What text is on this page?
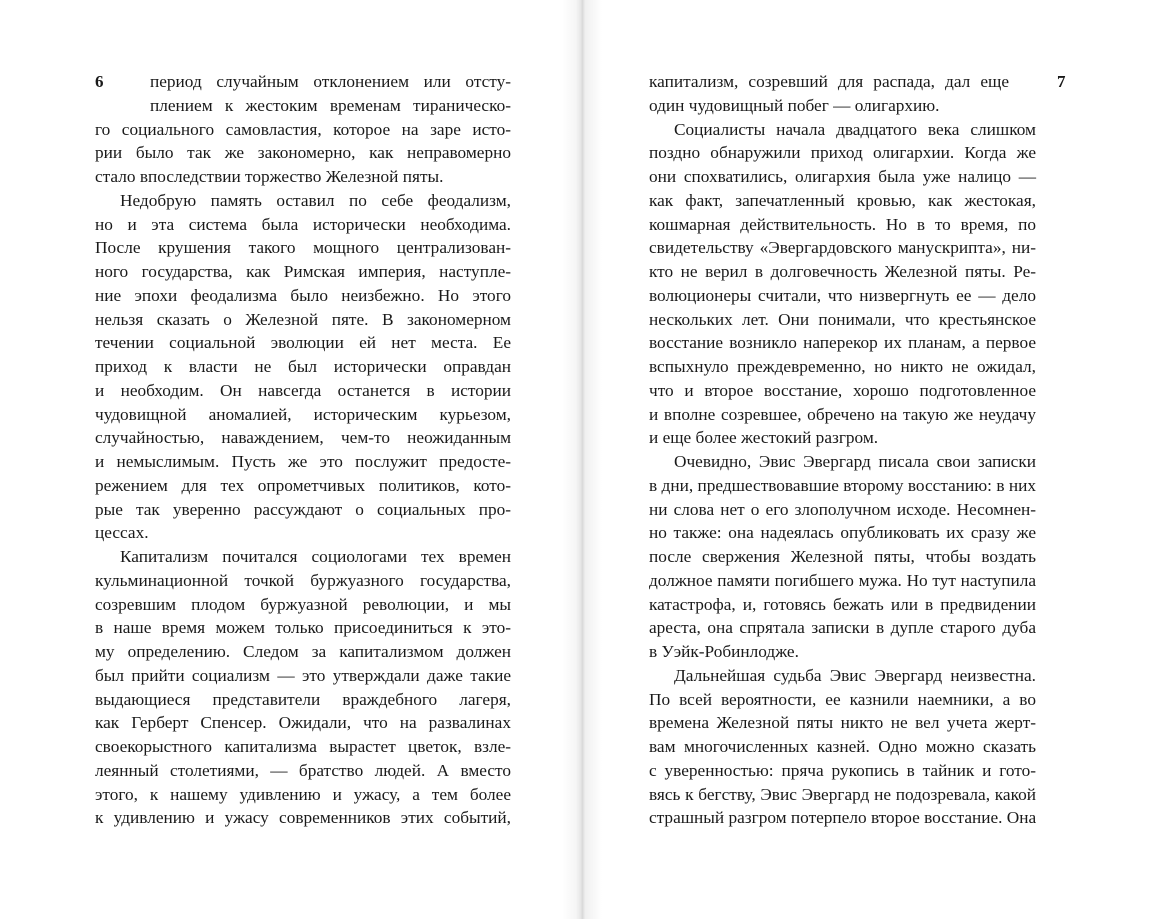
6	период случайным отклонением или отсту-
плением к жестоким временам тираническо-
го социального самовластия, которое на заре исто-
рии было так же закономерно, как неправомерно
стало впоследствии торжество Железной пяты.
Недобрую память оставил по себе феодализм,
но и эта система была исторически необходима.
После крушения такого мощного централизован-
ного государства, как Римская империя, наступле-
ние эпохи феодализма было неизбежно. Но этого
нельзя сказать о Железной пяте. В закономерном
течении социальной эволюции ей нет места. Ее
приход к власти не был исторически оправдан
и необходим. Он навсегда останется в истории
чудовищной аномалией, историческим курьезом,
случайностью, наваждением, чем-то неожиданным
и немыслимым. Пусть же это послужит предосте-
режением для тех опрометчивых политиков, кото-
рые так уверенно рассуждают о социальных про-
цессах.
Капитализм почитался социологами тех времен
кульминационной точкой буржуазного государства,
созревшим плодом буржуазной революции, и мы
в наше время можем только присоединиться к это-
му определению. Следом за капитализмом должен
был прийти социализм — это утверждали даже такие
выдающиеся представители враждебного лагеря,
как Герберт Спенсер. Ожидали, что на развалинах
своекорыстного капитализма вырастет цветок, взле-
леянный столетиями, — братство людей. А вместо
этого, к нашему удивлению и ужасу, а тем более
к удивлению и ужасу современников этих событий,
7
капитализм, созревший для распада, дал еще
один чудовищный побег — олигархию.
Социалисты начала двадцатого века слишком
поздно обнаружили приход олигархии. Когда же
они спохватились, олигархия была уже налицо —
как факт, запечатленный кровью, как жестокая,
кошмарная действительность. Но в то время, по
свидетельству «Эвергардовского манускрипта», ни-
кто не верил в долговечность Железной пяты. Ре-
волюционеры считали, что низвергнуть ее — дело
нескольких лет. Они понимали, что крестьянское
восстание возникло наперекор их планам, а первое
вспыхнуло преждевременно, но никто не ожидал,
что и второе восстание, хорошо подготовленное
и вполне созревшее, обречено на такую же неудачу
и еще более жестокий разгром.
Очевидно, Эвис Эвергард писала свои записки
в дни, предшествовавшие второму восстанию: в них
ни слова нет о его злополучном исходе. Несомнен-
но также: она надеялась опубликовать их сразу же
после свержения Железной пяты, чтобы воздать
должное памяти погибшего мужа. Но тут наступила
катастрофа, и, готовясь бежать или в предвидении
ареста, она спрятала записки в дупле старого дуба
в Уэйк-Робинлодже.
Дальнейшая судьба Эвис Эвергард неизвестна.
По всей вероятности, ее казнили наемники, а во
времена Железной пяты никто не вел учета жерт-
вам многочисленных казней. Одно можно сказать
с уверенностью: пряча рукопись в тайник и гото-
вясь к бегству, Эвис Эвергард не подозревала, какой
страшный разгром потерпело второе восстание. Она
